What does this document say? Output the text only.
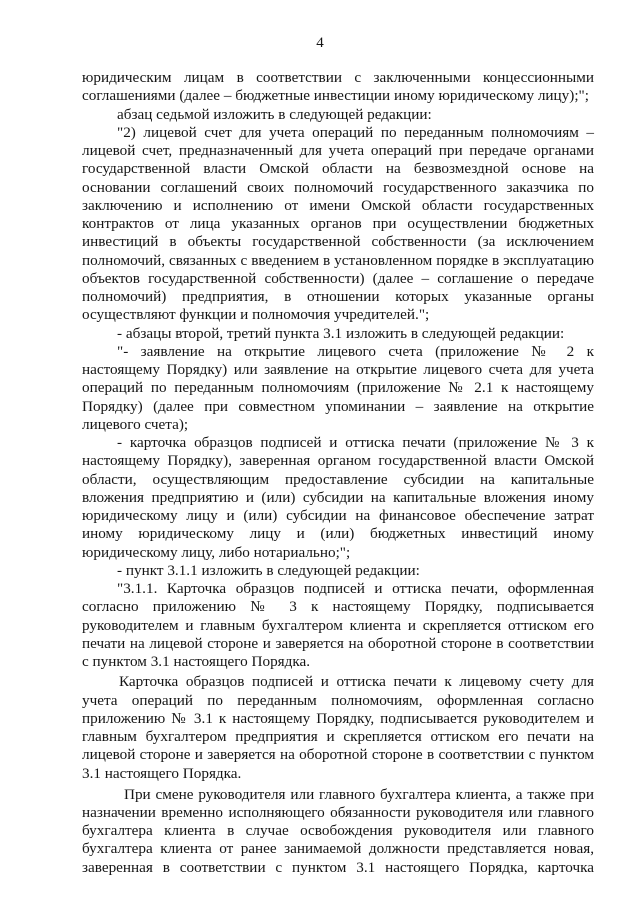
4
юридическим лицам в соответствии с заключенными концессионными
соглашениями (далее – бюджетные инвестиции иному юридическому лицу);";
абзац седьмой изложить в следующей редакции:
"2) лицевой счет для учета операций по переданным полномочиям –
лицевой счет, предназначенный для учета операций при передаче органами
государственной власти Омской области на безвозмездной основе на
основании соглашений своих полномочий государственного заказчика по
заключению и исполнению от имени Омской области государственных
контрактов от лица указанных органов при осуществлении бюджетных
инвестиций в объекты государственной собственности (за исключением
полномочий, связанных с введением в установленном порядке в эксплуатацию
объектов государственной собственности) (далее – соглашение о передаче
полномочий) предприятия, в отношении которых указанные органы
осуществляют функции и полномочия учредителей.";
- абзацы второй, третий пункта 3.1 изложить в следующей редакции:
"- заявление на открытие лицевого счета (приложение № 2 к
настоящему Порядку) или заявление на открытие лицевого счета для учета
операций по переданным полномочиям (приложение № 2.1 к настоящему
Порядку) (далее при совместном упоминании – заявление на открытие
лицевого счета);
- карточка образцов подписей и оттиска печати (приложение № 3 к
настоящему Порядку), заверенная органом государственной власти Омской
области, осуществляющим предоставление субсидии на капитальные
вложения предприятию и (или) субсидии на капитальные вложения иному
юридическому лицу и (или) субсидии на финансовое обеспечение затрат
иному юридическому лицу и (или) бюджетных инвестиций иному
юридическому лицу, либо нотариально;";
- пункт 3.1.1 изложить в следующей редакции:
"3.1.1. Карточка образцов подписей и оттиска печати, оформленная
согласно приложению № 3 к настоящему Порядку, подписывается
руководителем и главным бухгалтером клиента и скрепляется оттиском его
печати на лицевой стороне и заверяется на оборотной стороне в соответствии
с пунктом 3.1 настоящего Порядка.
Карточка образцов подписей и оттиска печати к лицевому счету для
учета операций по переданным полномочиям, оформленная согласно
приложению № 3.1 к настоящему Порядку, подписывается руководителем и
главным бухгалтером предприятия и скрепляется оттиском его печати на
лицевой стороне и заверяется на оборотной стороне в соответствии с пунктом
3.1 настоящего Порядка.
При смене руководителя или главного бухгалтера клиента, а также при
назначении временно исполняющего обязанности руководителя или главного
бухгалтера клиента в случае освобождения руководителя или главного
бухгалтера клиента от ранее занимаемой должности представляется новая,
заверенная в соответствии с пунктом 3.1 настоящего Порядка, карточка
